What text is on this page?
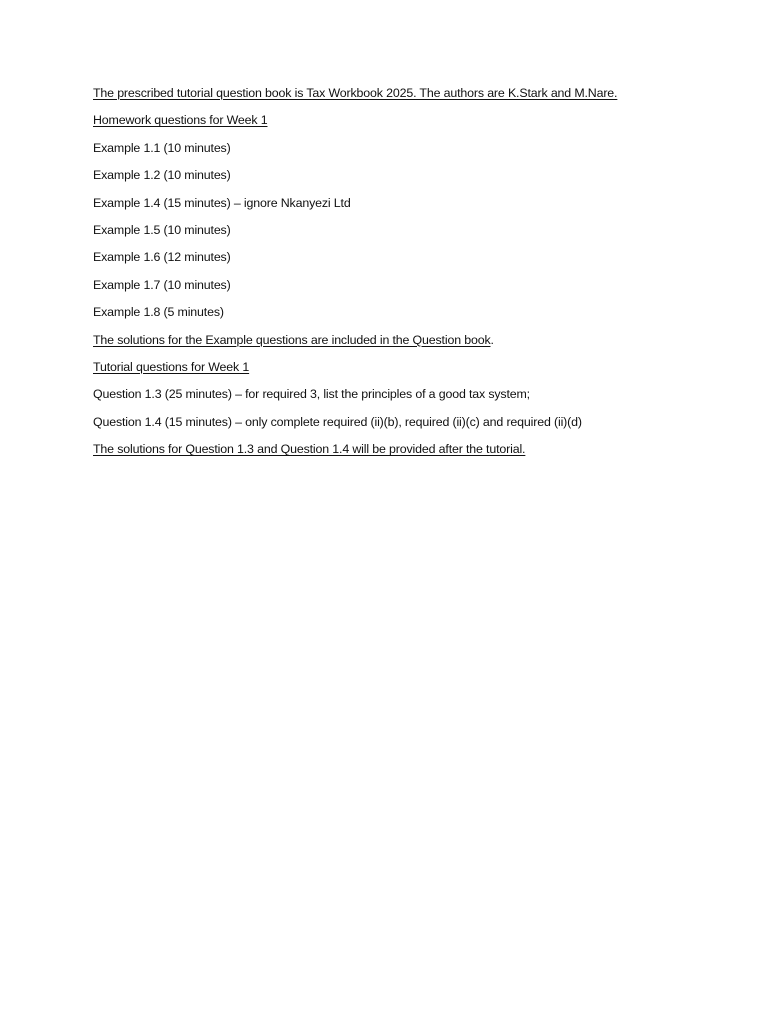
The prescribed tutorial question book is Tax Workbook 2025. The authors are K.Stark and M.Nare.
Homework questions for Week 1
Example 1.1 (10 minutes)
Example 1.2 (10 minutes)
Example 1.4 (15 minutes) – ignore Nkanyezi Ltd
Example 1.5 (10 minutes)
Example 1.6 (12 minutes)
Example 1.7 (10 minutes)
Example 1.8 (5 minutes)
The solutions for the Example questions are included in the Question book.
Tutorial questions for Week 1
Question 1.3 (25 minutes) – for required 3, list the principles of a good tax system;
Question 1.4 (15 minutes) – only complete required (ii)(b), required (ii)(c) and required (ii)(d)
The solutions for Question 1.3 and Question 1.4 will be provided after the tutorial.
